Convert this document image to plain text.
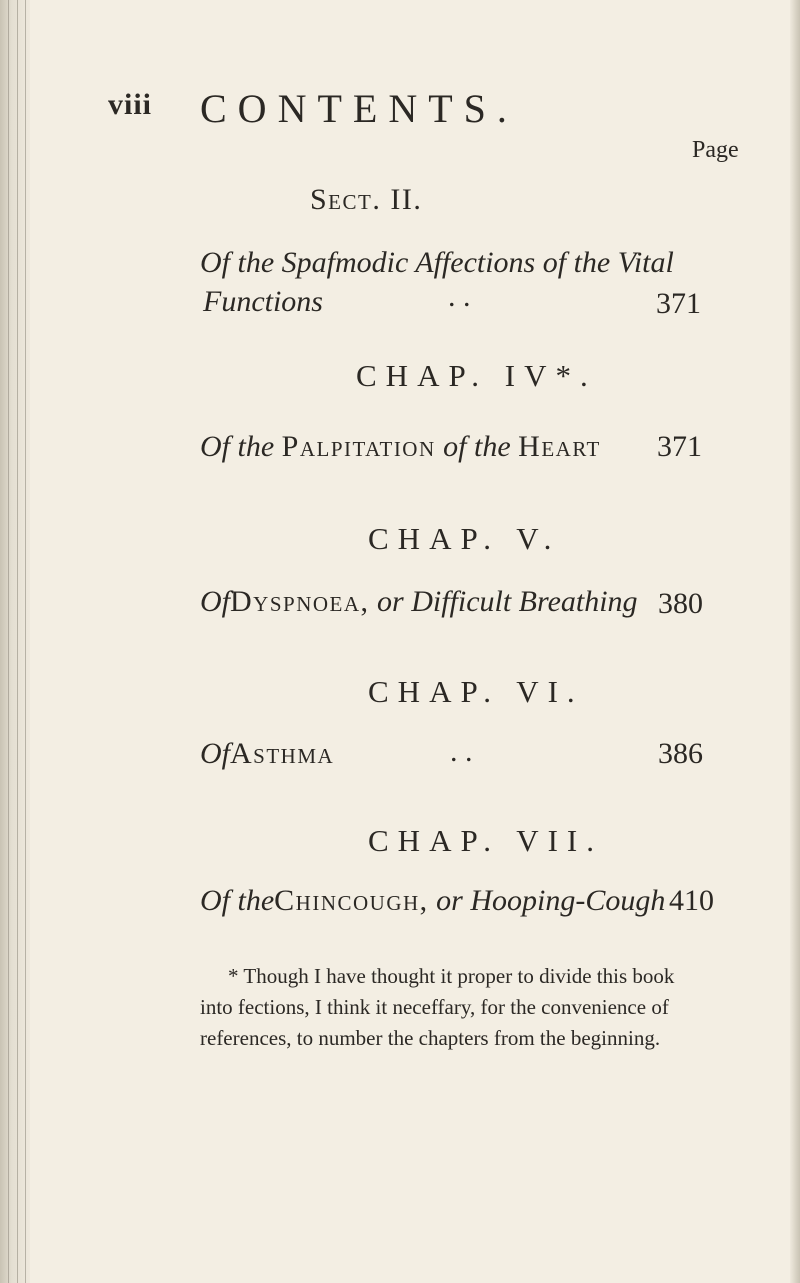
viii CONTENTS.
Page
Sect. II.
Of the Spafmodic Affections of the Vital
Functions	. .	371
CHAP. IV*.
Of the Palpitation of the Heart 371
CHAP. V.
OfDyspnoea, or Difficult Breathing 380
CHAP. VI.
OfAsthma	. .	386
CHAP. VII.
Of theChincough, or Hooping-Cough 410
* Though I have thought it proper to divide this book
into fections, I think it neceffary, for the convenience of
references, to number the chapters from the beginning.
